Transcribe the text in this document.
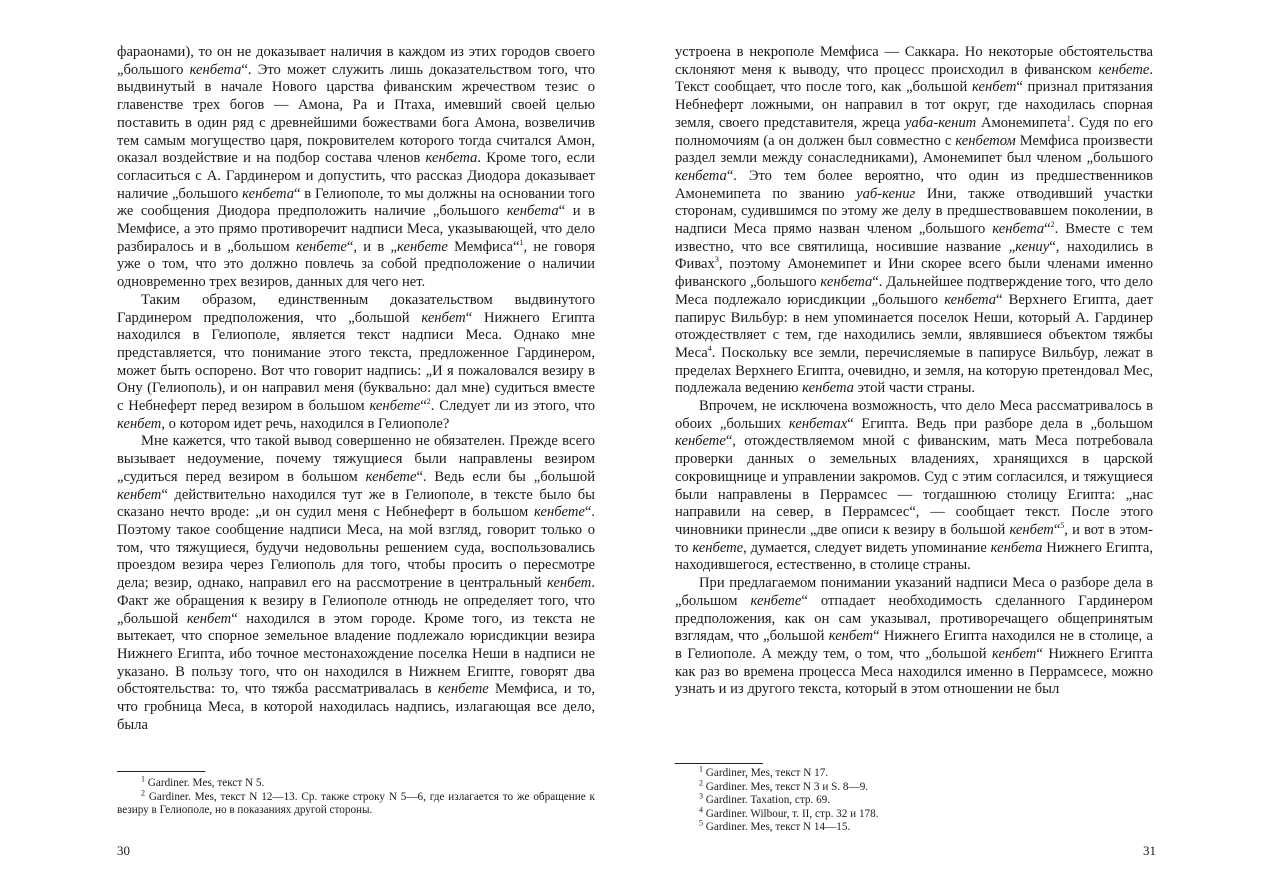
фараонами), то он не доказывает наличия в каждом из этих городов своего „большого кенбета“. Это может служить лишь доказательством того, что выдвинутый в начале Нового царства фиванским жречеством тезис о главенстве трех богов — Амона, Ра и Птаха, имевший своей целью поставить в один ряд с древнейшими божествами бога Амона, возвеличив тем самым могущество царя, покровителем которого тогда считался Амон, оказал воздействие и на подбор состава членов кенбета. Кроме того, если согласиться с А. Гардинером и допустить, что рассказ Диодора доказывает наличие „большого кенбета“ в Гелиополе, то мы должны на основании того же сообщения Диодора предположить наличие „большого кенбета“ и в Мемфисе, а это прямо противоречит надписи Меса, указывающей, что дело разбиралось и в „большом кенбете“, и в „кенбете Мемфиса“$^1$, не говоря уже о том, что это должно повлечь за собой предположение о наличии одновременно трех везиров, данных для чего нет.

Таким образом, единственным доказательством выдвинутого Гардинером предположения, что „большой кенбет“ Нижнего Египта находился в Гелиополе, является текст надписи Меса. Однако мне представляется, что понимание этого текста, предложенное Гардинером, может быть оспорено. Вот что говорит надпись: „И я пожаловался везиру в Ону (Гелиополь), и он направил меня (буквально: дал мне) судиться вместе с Небнеферт перед везиром в большом кенбете“$^2$. Следует ли из этого, что кенбет, о котором идет речь, находился в Гелиополе?

Мне кажется, что такой вывод совершенно не обязателен. Прежде всего вызывает недоумение, почему тяжущиеся были направлены везиром „судиться перед везиром в большом кенбете“. Ведь если бы „большой кенбет“ действительно находился тут же в Гелиополе, в тексте было бы сказано нечто вроде: „и он судил меня с Небнеферт в большом кенбете“. Поэтому такое сообщение надписи Меса, на мой взгляд, говорит только о том, что тяжущиеся, будучи недовольны решением суда, воспользовались проездом везира через Гелиополь для того, чтобы просить о пересмотре дела; везир, однако, направил его на рассмотрение в центральный кенбет. Факт же обращения к везиру в Гелиополе отнюдь не определяет того, что „большой кенбет“ находился в этом городе. Кроме того, из текста не вытекает, что спорное земельное владение подлежало юрисдикции везира Нижнего Египта, ибо точное местонахождение поселка Неши в надписи не указано. В пользу того, что он находился в Нижнем Египте, говорят два обстоятельства: то, что тяжба рассматривалась в кенбете Мемфиса, и то, что гробница Меса, в которой находилась надпись, излагающая все дело, была

$^1$ Gardiner. Mes, текст N 5.

$^2$ Gardiner. Mes, текст N 12—13. Ср. также строку N 5—6, где излагается то же обращение к везиру в Гелиополе, но в показаниях другой стороны.

30

устроена в некрополе Мемфиса — Саккара. Но некоторые обстоятельства склоняют меня к выводу, что процесс происходил в фиванском кенбете. Текст сообщает, что после того, как „большой кенбет“ признал притязания Небнеферт ложными, он направил в тот округ, где находилась спорная земля, своего представителя, жреца уаба-кенит Амонемипета$^1$. Судя по его полномочиям (а он должен был совместно с кенбетом Мемфиса произвести раздел земли между сонаследниками), Амонемипет был членом „большого кенбета“. Это тем более вероятно, что один из предшественников Амонемипета по званию уаб-кениг Ини, также отводивший участки сторонам, судившимся по этому же делу в предшествовавшем поколении, в надписи Меса прямо назван членом „большого кенбета“$^2$. Вместе с тем известно, что все святилища, носившие название „кениу“, находились в Фивах$^3$, поэтому Амонемипет и Ини скорее всего были членами именно фиванского „большого кенбета“. Дальнейшее подтверждение того, что дело Меса подлежало юрисдикции „большого кенбета“ Верхнего Египта, дает папирус Вильбур: в нем упоминается поселок Неши, который А. Гардинер отождествляет с тем, где находились земли, являвшиеся объектом тяжбы Меса$^4$. Поскольку все земли, перечисляемые в папирусе Вильбур, лежат в пределах Верхнего Египта, очевидно, и земля, на которую претендовал Мес, подлежала ведению кенбета этой части страны.

Впрочем, не исключена возможность, что дело Меса рассматривалось в обоих „больших кенбетах“ Египта. Ведь при разборе дела в „большом кенбете“, отождествляемом мной с фиванским, мать Меса потребовала проверки данных о земельных владениях, хранящихся в царской сокровищнице и управлении закромов. Суд с этим согласился, и тяжущиеся были направлены в Перрамсес — тогдашнюю столицу Египта: „нас направили на север, в Перрамсес“, — сообщает текст. После этого чиновники принесли „две описи к везиру в большой кенбет“$^5$, и вот в этом-то кенбете, думается, следует видеть упоминание кенбета Нижнего Египта, находившегося, естественно, в столице страны.

При предлагаемом понимании указаний надписи Меса о разборе дела в „большом кенбете“ отпадает необходимость сделанного Гардинером предположения, как он сам указывал, противоречащего общепринятым взглядам, что „большой кенбет“ Нижнего Египта находился не в столице, а в Гелиополе. А между тем, о том, что „большой кенбет“ Нижнего Египта как раз во времена процесса Меса находился именно в Перрамсесе, можно узнать и из другого текста, который в этом отношении не был

$^1$ Gardiner, Mes, текст N 17.

$^2$ Gardiner. Mes, текст N 3 и S. 8—9.

$^3$ Gardiner. Taxation, стр. 69.

$^4$ Gardiner. Wilbour, т. II, стр. 32 и 178.

$^5$ Gardiner. Mes, текст N 14—15.

31
